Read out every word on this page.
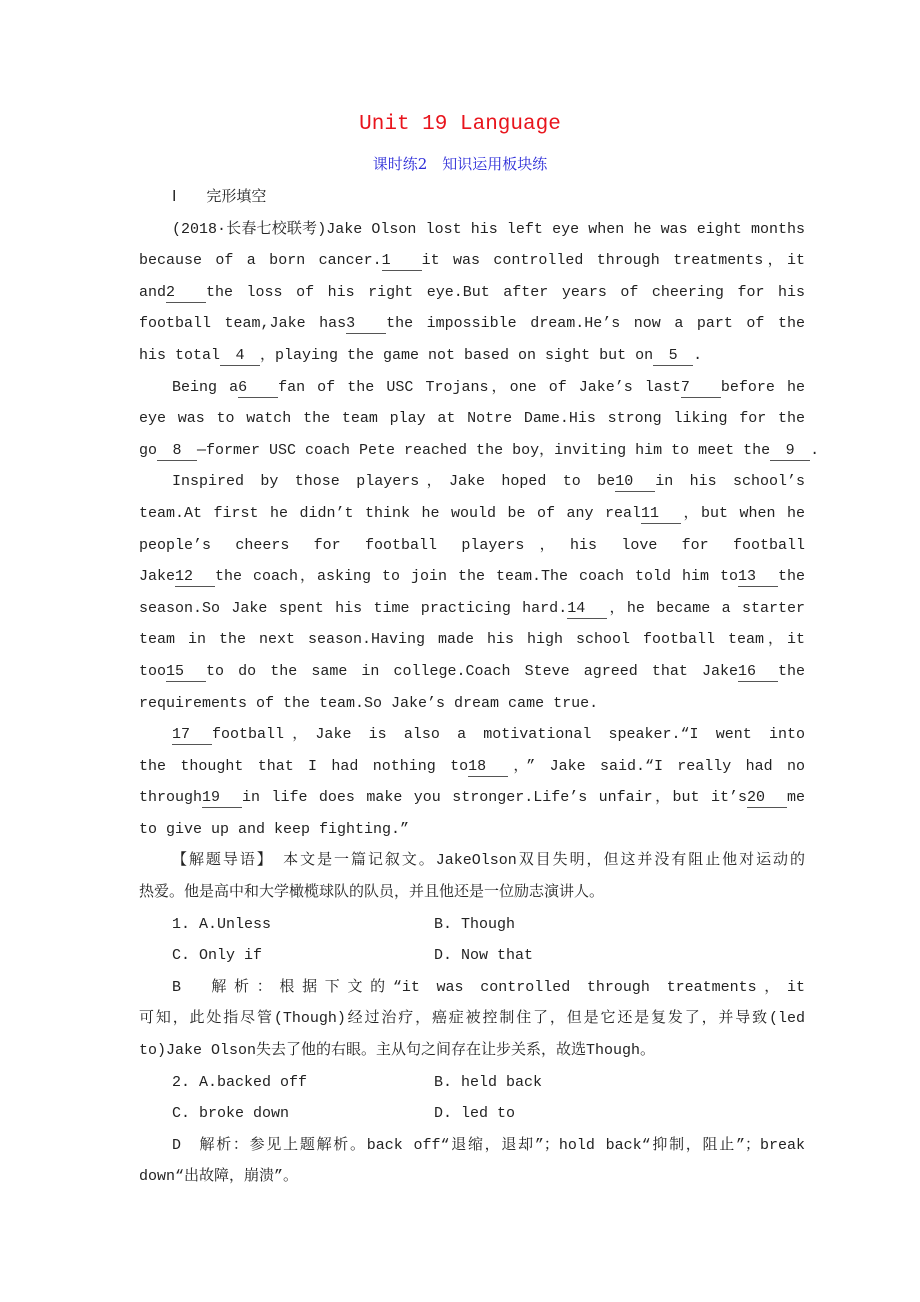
Unit 19 Language
课时练2　知识运用板块练
Ⅰ　　完形填空
(2018·长春七校联考)Jake Olson lost his left eye when he was eight months
because of a born cancer.1 it was controlled through treatments，it
and2 the loss of his right eye.But after years of cheering for his
football team,Jake has3 the impossible dream.He’s now a part of the
his total 4 ，playing the game not based on sight but on 5 .
Being a6 fan of the USC Trojans，one of Jake’s last7 before he
eye was to watch the team play at Notre Dame.His strong liking for the
go 8 —former USC coach Pete reached the boy，inviting him to meet the 9 .
Inspired by those players，Jake hoped to be10 in his school’s
team.At first he didn’t think he would be of any real11 ，but when he
people’s cheers for football players，his love for football
Jake12 the coach，asking to join the team.The coach told him to13 the
season.So Jake spent his time practicing hard.14 ，he became a starter
team in the next season.Having made his high school football team，it
too15 to do the same in college.Coach Steve agreed that Jake16 the
requirements of the team.So Jake’s dream came true.
17 football，Jake is also a motivational speaker.“I went into
the thought that I had nothing to18 ，” Jake said.“I really had no
through19 in life does make you stronger.Life’s unfair，but it’s20 me
to give up and keep fighting.”
【解题导语】　本文是一篇记叙文。JakeOlson双目失明，但这并没有阻止他对运动的
热爱。他是高中和大学橄榄球队的队员，并且他还是一位励志演讲人。
1. A.Unless	B. Though
C. Only if	D. Now that
B　解析：根据下文的“it was controlled through treatments，it
可知，此处指尽管(Though)经过治疗，癌症被控制住了，但是它还是复发了，并导致(led
to)Jake Olson失去了他的右眼。主从句之间存在让步关系，故选Though。
2. A.backed off	B. held back
C. broke down	D. led to
D　解析：参见上题解析。back off“退缩，退却”；hold back“抑制，阻止”；break
down“出故障，崩溃”。
